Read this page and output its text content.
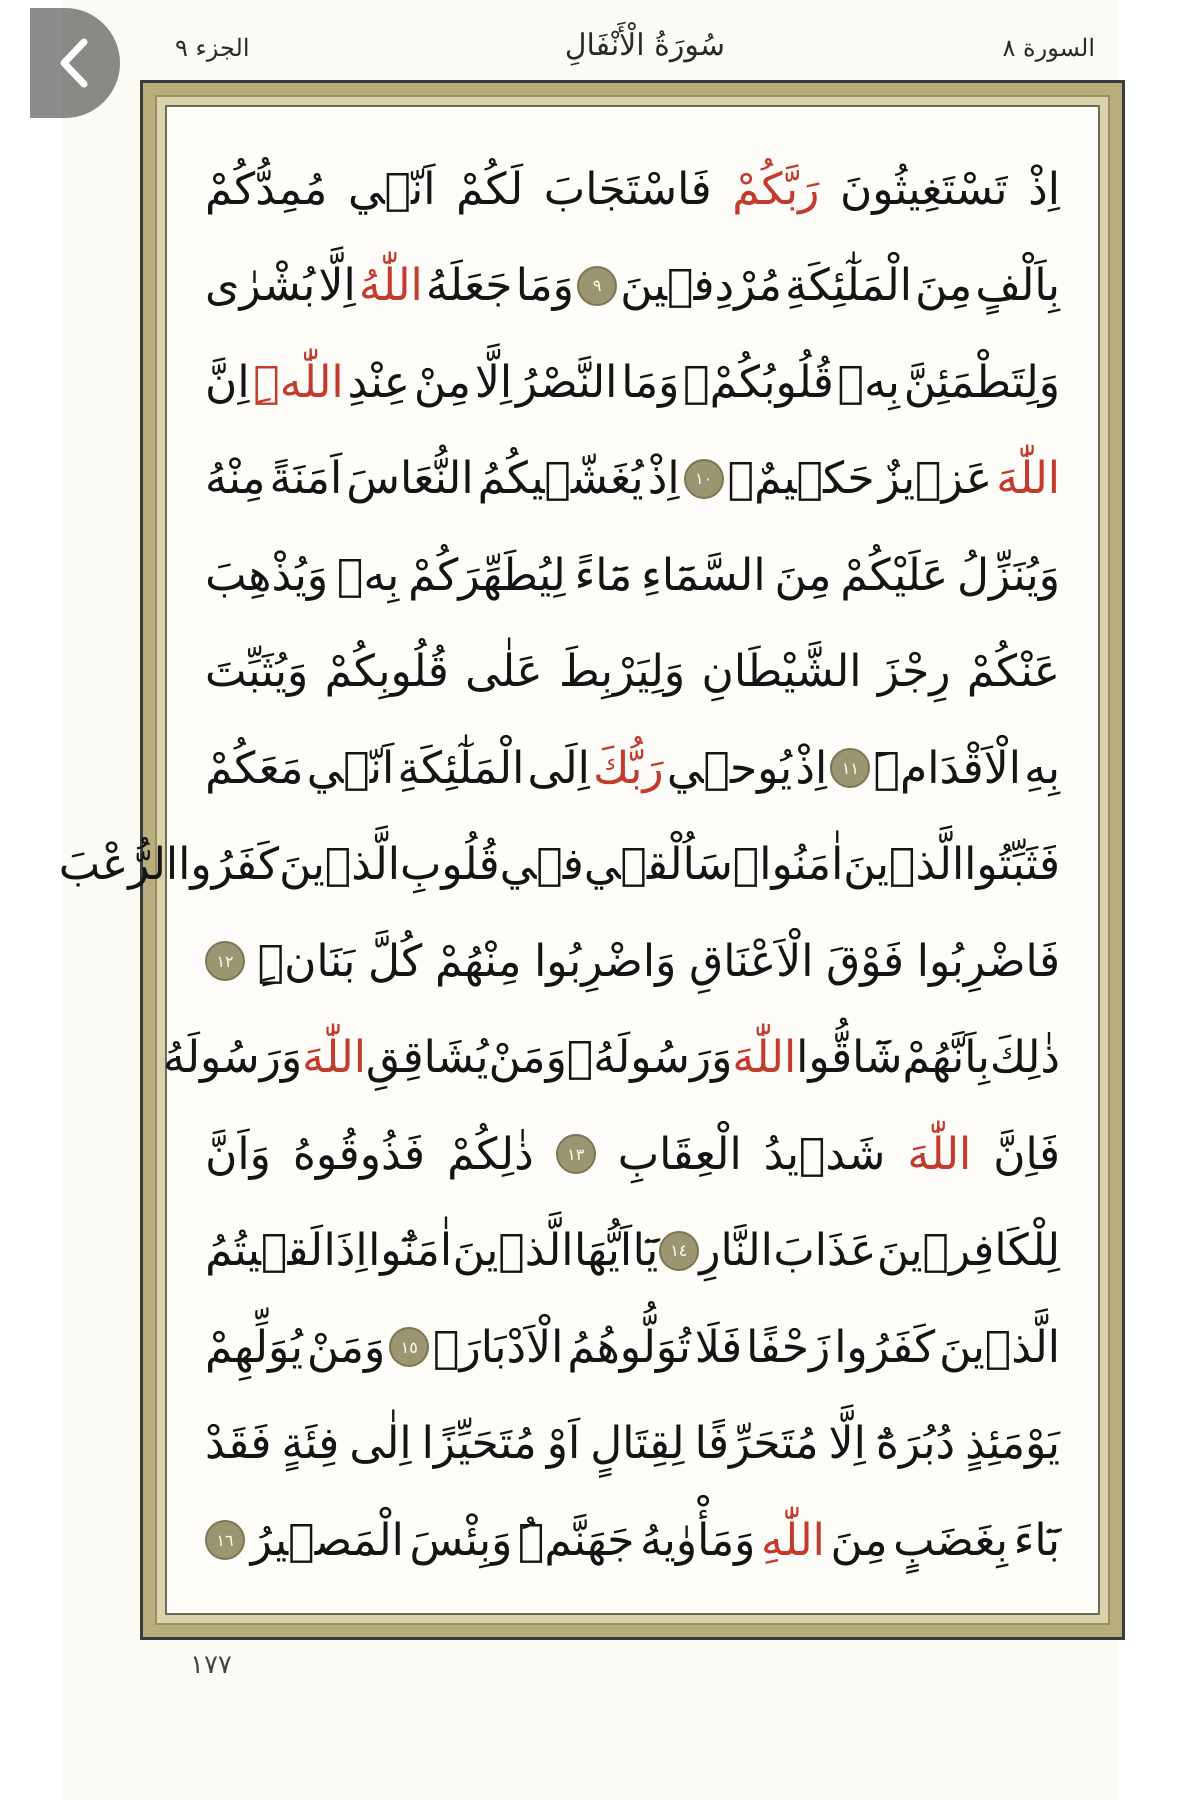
السورة ٨
سُورَةُ الْأَنْفَالِ
الجزء ٩
اِذْ
تَسْتَغِيثُونَ
رَبَّكُمْ
فَاسْتَجَابَ
لَكُمْ
اَنّ۪ي
مُمِدُّكُمْ
بِاَلْفٍ
مِنَ
الْمَلٰٓئِكَةِ
مُرْدِف۪ينَ
٩
وَمَا
جَعَلَهُ
اللّٰهُ
اِلَّا
بُشْرٰى
وَلِتَطْمَئِنَّ
بِه۪
قُلُوبُكُمْۚ
وَمَا
النَّصْرُ
اِلَّا
مِنْ
عِنْدِ
اللّٰهِۜ
اِنَّ
اللّٰهَ
عَز۪يزٌ
حَك۪يمٌ۟
١٠
اِذْ
يُغَشّ۪يكُمُ
النُّعَاسَ
اَمَنَةً
مِنْهُ
وَيُنَزِّلُ
عَلَيْكُمْ
مِنَ
السَّمَٓاءِ
مَٓاءً
لِيُطَهِّرَكُمْ
بِه۪
وَيُذْهِبَ
عَنْكُمْ
رِجْزَ
الشَّيْطَانِ
وَلِيَرْبِطَ
عَلٰى
قُلُوبِكُمْ
وَيُثَبِّتَ
بِهِ
الْاَقْدَامَۜ
١١
اِذْ
يُوح۪ي
رَبُّكَ
اِلَى
الْمَلٰٓئِكَةِ
اَنّ۪ي
مَعَكُمْ
فَثَبِّتُوا
الَّذ۪ينَ
اٰمَنُواۜ
سَاُلْق۪ي
ف۪ي
قُلُوبِ
الَّذ۪ينَ
كَفَرُوا
الرُّعْبَ
فَاضْرِبُوا
فَوْقَ
الْاَعْنَاقِ
وَاضْرِبُوا
مِنْهُمْ
كُلَّ
بَنَانٍۜ
١٢
ذٰلِكَ
بِاَنَّهُمْ
شَٓاقُّوا
اللّٰهَ
وَرَسُولَهُۚ
وَمَنْ
يُشَاقِقِ
اللّٰهَ
وَرَسُولَهُ
فَاِنَّ
اللّٰهَ
شَد۪يدُ
الْعِقَابِ
١٣
ذٰلِكُمْ
فَذُوقُوهُ
وَاَنَّ
لِلْكَافِر۪ينَ
عَذَابَ
النَّارِ
١٤
يَٓا
اَيُّهَا
الَّذ۪ينَ
اٰمَنُٓوا
اِذَا
لَق۪يتُمُ
الَّذ۪ينَ
كَفَرُوا
زَحْفًا
فَلَا
تُوَلُّوهُمُ
الْاَدْبَارَۚ
١٥
وَمَنْ
يُوَلِّهِمْ
يَوْمَئِذٍ
دُبُرَهُٓ
اِلَّا
مُتَحَرِّفًا
لِقِتَالٍ
اَوْ
مُتَحَيِّزًا
اِلٰى
فِئَةٍ
فَقَدْ
بَٓاءَ
بِغَضَبٍ
مِنَ
اللّٰهِ
وَمَأْوٰيهُ
جَهَنَّمُۜ
وَبِئْسَ
الْمَص۪يرُ
١٦
١٧٧
